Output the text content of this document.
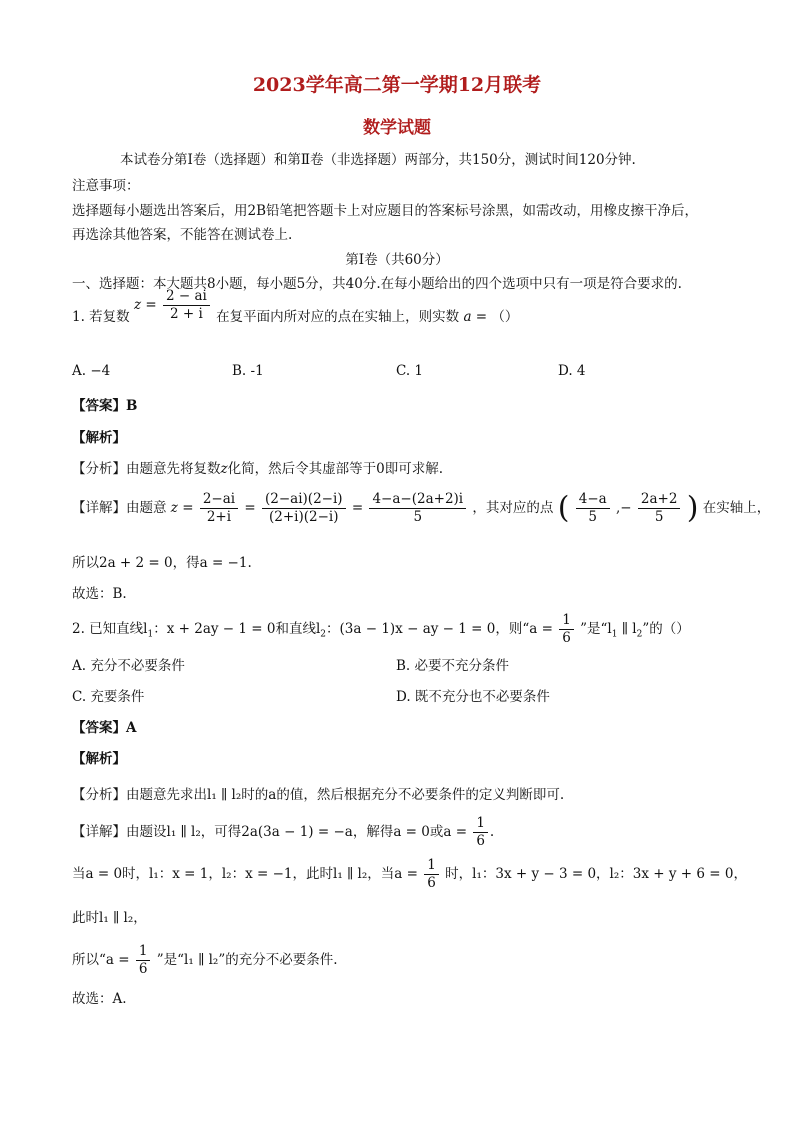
2023学年高二第一学期12月联考
数学试题
本试卷分第Ⅰ卷（选择题）和第Ⅱ卷（非选择题）两部分，共150分，测试时间120分钟.
注意事项：
选择题每小题选出答案后，用2B铅笔把答题卡上对应题目的答案标号涂黑，如需改动，用橡皮擦干净后，
再选涂其他答案，不能答在测试卷上.
第Ⅰ卷（共60分）
一、选择题：本大题共8小题，每小题5分，共40分.在每小题给出的四个选项中只有一项是符合要求的.
1. 若复数 $z = \frac{2 - ai}{2 + i}$ 在复平面内所对应的点在实轴上，则实数 a = （）
A. −4	B. -1	C. 1	D. 4
【答案】B
【解析】
【分析】由题意先将复数z化简，然后令其虚部等于0即可求解.
【详解】由题意 $z = \frac{2-ai}{2+i} = \frac{(2-ai)(2-i)}{(2+i)(2-i)} = \frac{4-a-(2a+2)i}{5}$ ，其对应的点 ( $\frac{4-a}{5}$ ,− $\frac{2a+2}{5}$ ) 在实轴上，
所以2a + 2 = 0，得a = −1.
故选：B.
2. 已知直线$l_1$：x + 2ay − 1 = 0和直线$l_2$：(3a − 1)x − ay − 1 = 0，则“$a = \frac{1}{6}$ ”是“$l_1$ ∥ $l_2$”的（）
A. 充分不必要条件	B. 必要不充分条件
C. 充要条件	D. 既不充分也不必要条件
【答案】A
【解析】
【分析】由题意先求出l₁ ∥ l₂时的a的值，然后根据充分不必要条件的定义判断即可.
【详解】由题设l₁ ∥ l₂，可得2a(3a − 1) = −a，解得a = 0或$a = \frac{1}{6}$ .
当a = 0时，l₁：x = 1，l₂：x = −1，此时l₁ ∥ l₂，当$a = \frac{1}{6}$ 时，l₁：3x + y − 3 = 0，l₂：3x + y + 6 = 0，
此时l₁ ∥ l₂，
所以“$a = \frac{1}{6}$ ”是“l₁ ∥ l₂”的充分不必要条件.
故选：A.
